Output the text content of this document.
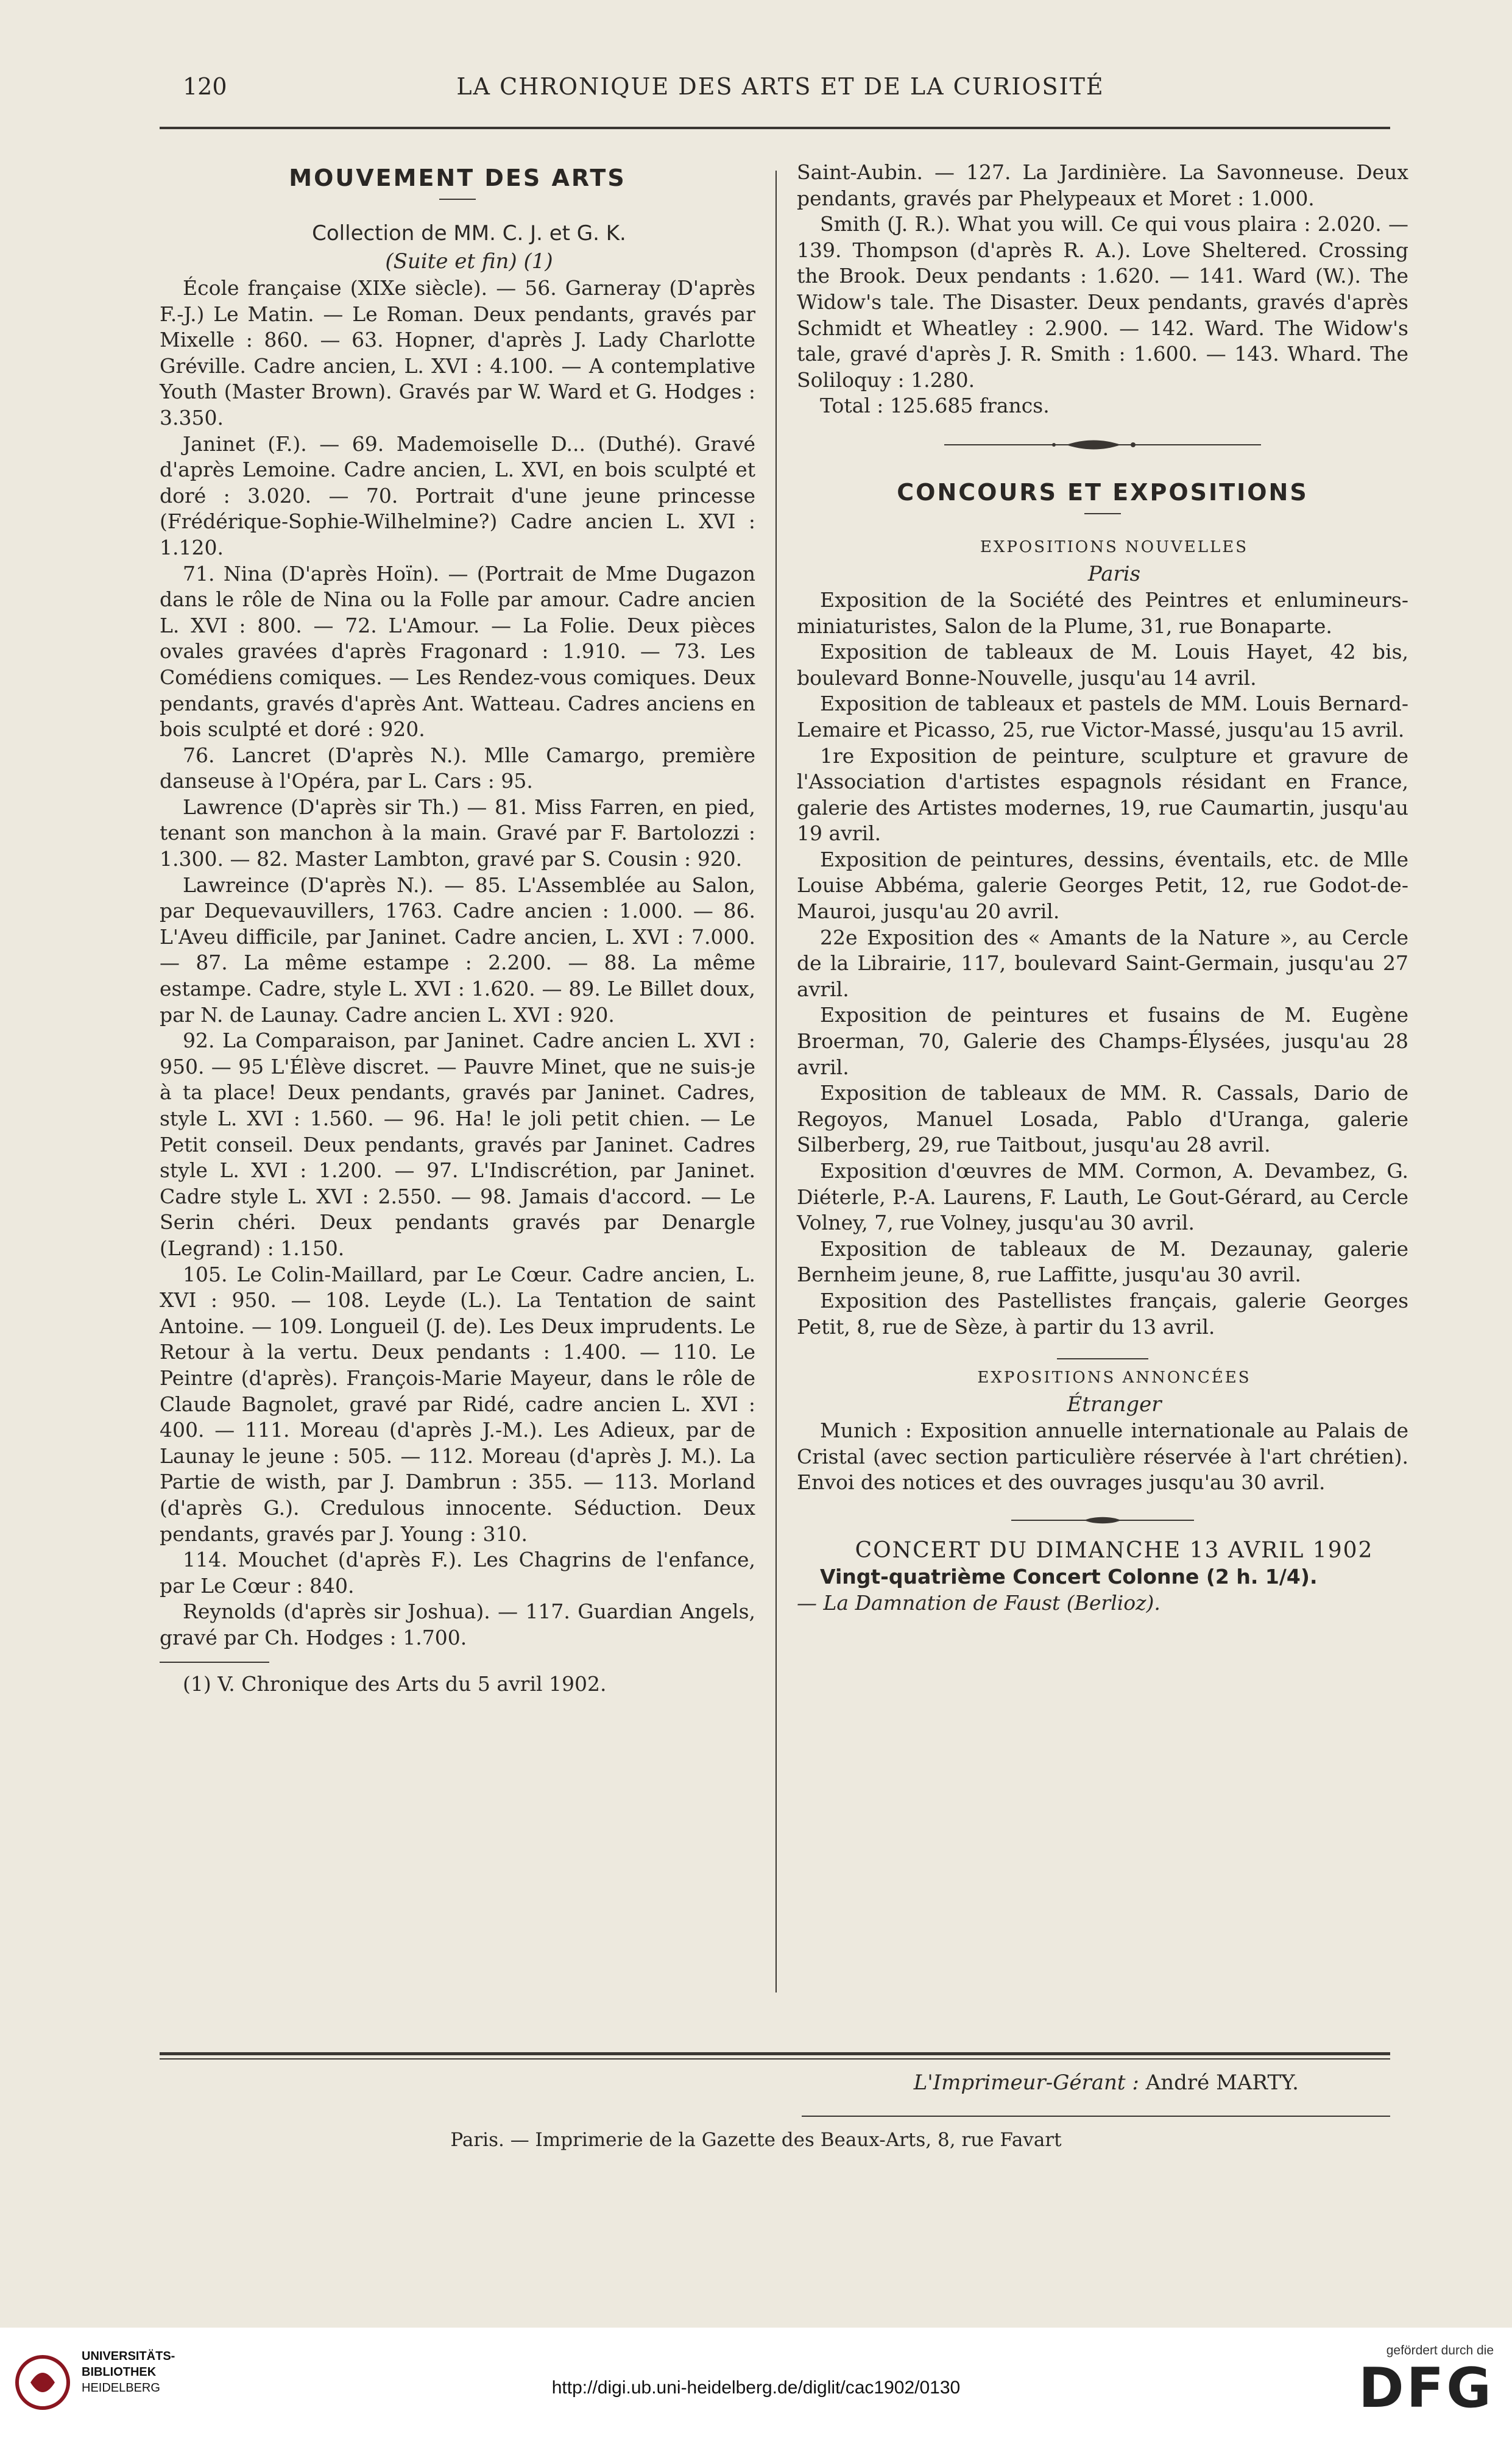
120	LA CHRONIQUE DES ARTS ET DE LA CURIOSITÉ
MOUVEMENT DES ARTS

Collection de MM. C. J. et G. K.

(Suite et fin) (1)

École française (XIXe siècle). — 56. Garneray (D'après F.-J.) Le Matin. — Le Roman. Deux pendants, gravés par Mixelle : 860. — 63. Hopner, d'après J. Lady Charlotte Gréville. Cadre ancien, L. XVI : 4.100. — A contemplative Youth (Master Brown). Gravés par W. Ward et G. Hodges : 3.350.

Janinet (F.). — 69. Mademoiselle D... (Duthé). Gravé d'après Lemoine. Cadre ancien, L. XVI, en bois sculpté et doré : 3.020. — 70. Portrait d'une jeune princesse (Frédérique-Sophie-Wilhelmine?) Cadre ancien L. XVI : 1.120.

71. Nina (D'après Hoïn). — (Portrait de Mme Dugazon dans le rôle de Nina ou la Folle par amour. Cadre ancien L. XVI : 800. — 72. L'Amour. — La Folie. Deux pièces ovales gravées d'après Fragonard : 1.910. — 73. Les Comédiens comiques. — Les Rendez-vous comiques. Deux pendants, gravés d'après Ant. Watteau. Cadres anciens en bois sculpté et doré : 920.

76. Lancret (D'après N.). Mlle Camargo, première danseuse à l'Opéra, par L. Cars : 95.

Lawrence (D'après sir Th.) — 81. Miss Farren, en pied, tenant son manchon à la main. Gravé par F. Bartolozzi : 1.300. — 82. Master Lambton, gravé par S. Cousin : 920.

Lawreince (D'après N.). — 85. L'Assemblée au Salon, par Dequevauvillers, 1763. Cadre ancien : 1.000. — 86. L'Aveu difficile, par Janinet. Cadre ancien, L. XVI : 7.000. — 87. La même estampe : 2.200. — 88. La même estampe. Cadre, style L. XVI : 1.620. — 89. Le Billet doux, par N. de Launay. Cadre ancien L. XVI : 920.

92. La Comparaison, par Janinet. Cadre ancien L. XVI : 950. — 95 L'Élève discret. — Pauvre Minet, que ne suis-je à ta place! Deux pendants, gravés par Janinet. Cadres, style L. XVI : 1.560. — 96. Ha! le joli petit chien. — Le Petit conseil. Deux pendants, gravés par Janinet. Cadres style L. XVI : 1.200. — 97. L'Indiscrétion, par Janinet. Cadre style L. XVI : 2.550. — 98. Jamais d'accord. — Le Serin chéri. Deux pendants gravés par Denargle (Legrand) : 1.150.

105. Le Colin-Maillard, par Le Cœur. Cadre ancien, L. XVI : 950. — 108. Leyde (L.). La Tentation de saint Antoine. — 109. Longueil (J. de). Les Deux imprudents. Le Retour à la vertu. Deux pendants : 1.400. — 110. Le Peintre (d'après). François-Marie Mayeur, dans le rôle de Claude Bagnolet, gravé par Ridé, cadre ancien L. XVI : 400. — 111. Moreau (d'après J.-M.). Les Adieux, par de Launay le jeune : 505. — 112. Moreau (d'après J. M.). La Partie de wisth, par J. Dambrun : 355. — 113. Morland (d'après G.). Credulous innocente. Séduction. Deux pendants, gravés par J. Young : 310.

114. Mouchet (d'après F.). Les Chagrins de l'enfance, par Le Cœur : 840.

Reynolds (d'après sir Joshua). — 117. Guardian Angels, gravé par Ch. Hodges : 1.700.

(1) V. Chronique des Arts du 5 avril 1902.

Saint-Aubin. — 127. La Jardinière. La Savonneuse. Deux pendants, gravés par Phelypeaux et Moret : 1.000.

Smith (J. R.). What you will. Ce qui vous plaira : 2.020. — 139. Thompson (d'après R. A.). Love Sheltered. Crossing the Brook. Deux pendants : 1.620. — 141. Ward (W.). The Widow's tale. The Disaster. Deux pendants, gravés d'après Schmidt et Wheatley : 2.900. — 142. Ward. The Widow's tale, gravé d'après J. R. Smith : 1.600. — 143. Whard. The Soliloquy : 1.280.

Total : 125.685 francs.

CONCOURS ET EXPOSITIONS

EXPOSITIONS NOUVELLES

Paris

Exposition de la Société des Peintres et enlumineurs-miniaturistes, Salon de la Plume, 31, rue Bonaparte.

Exposition de tableaux de M. Louis Hayet, 42 bis, boulevard Bonne-Nouvelle, jusqu'au 14 avril.

Exposition de tableaux et pastels de MM. Louis Bernard-Lemaire et Picasso, 25, rue Victor-Massé, jusqu'au 15 avril.

1re Exposition de peinture, sculpture et gravure de l'Association d'artistes espagnols résidant en France, galerie des Artistes modernes, 19, rue Caumartin, jusqu'au 19 avril.

Exposition de peintures, dessins, éventails, etc. de Mlle Louise Abbéma, galerie Georges Petit, 12, rue Godot-de-Mauroi, jusqu'au 20 avril.

22e Exposition des « Amants de la Nature », au Cercle de la Librairie, 117, boulevard Saint-Germain, jusqu'au 27 avril.

Exposition de peintures et fusains de M. Eugène Broerman, 70, Galerie des Champs-Élysées, jusqu'au 28 avril.

Exposition de tableaux de MM. R. Cassals, Dario de Regoyos, Manuel Losada, Pablo d'Uranga, galerie Silberberg, 29, rue Taitbout, jusqu'au 28 avril.

Exposition d'œuvres de MM. Cormon, A. Devambez, G. Diéterle, P.-A. Laurens, F. Lauth, Le Gout-Gérard, au Cercle Volney, 7, rue Volney, jusqu'au 30 avril.

Exposition de tableaux de M. Dezaunay, galerie Bernheim jeune, 8, rue Laffitte, jusqu'au 30 avril.

Exposition des Pastellistes français, galerie Georges Petit, 8, rue de Sèze, à partir du 13 avril.

EXPOSITIONS ANNONCÉES

Étranger

Munich : Exposition annuelle internationale au Palais de Cristal (avec section particulière réservée à l'art chrétien). Envoi des notices et des ouvrages jusqu'au 30 avril.

CONCERT DU DIMANCHE 13 AVRIL 1902

Vingt-quatrième Concert Colonne (2 h. 1/4).

— La Damnation de Faust (Berlioz).

L'Imprimeur-Gérant : André MARTY.
Paris. — Imprimerie de la Gazette des Beaux-Arts, 8, rue Favart
UNIVERSITÄTS-
BIBLIOTHEK
HEIDELBERG	http://digi.ub.uni-heidelberg.de/diglit/cac1902/0130
gefördert durch die
DFG
